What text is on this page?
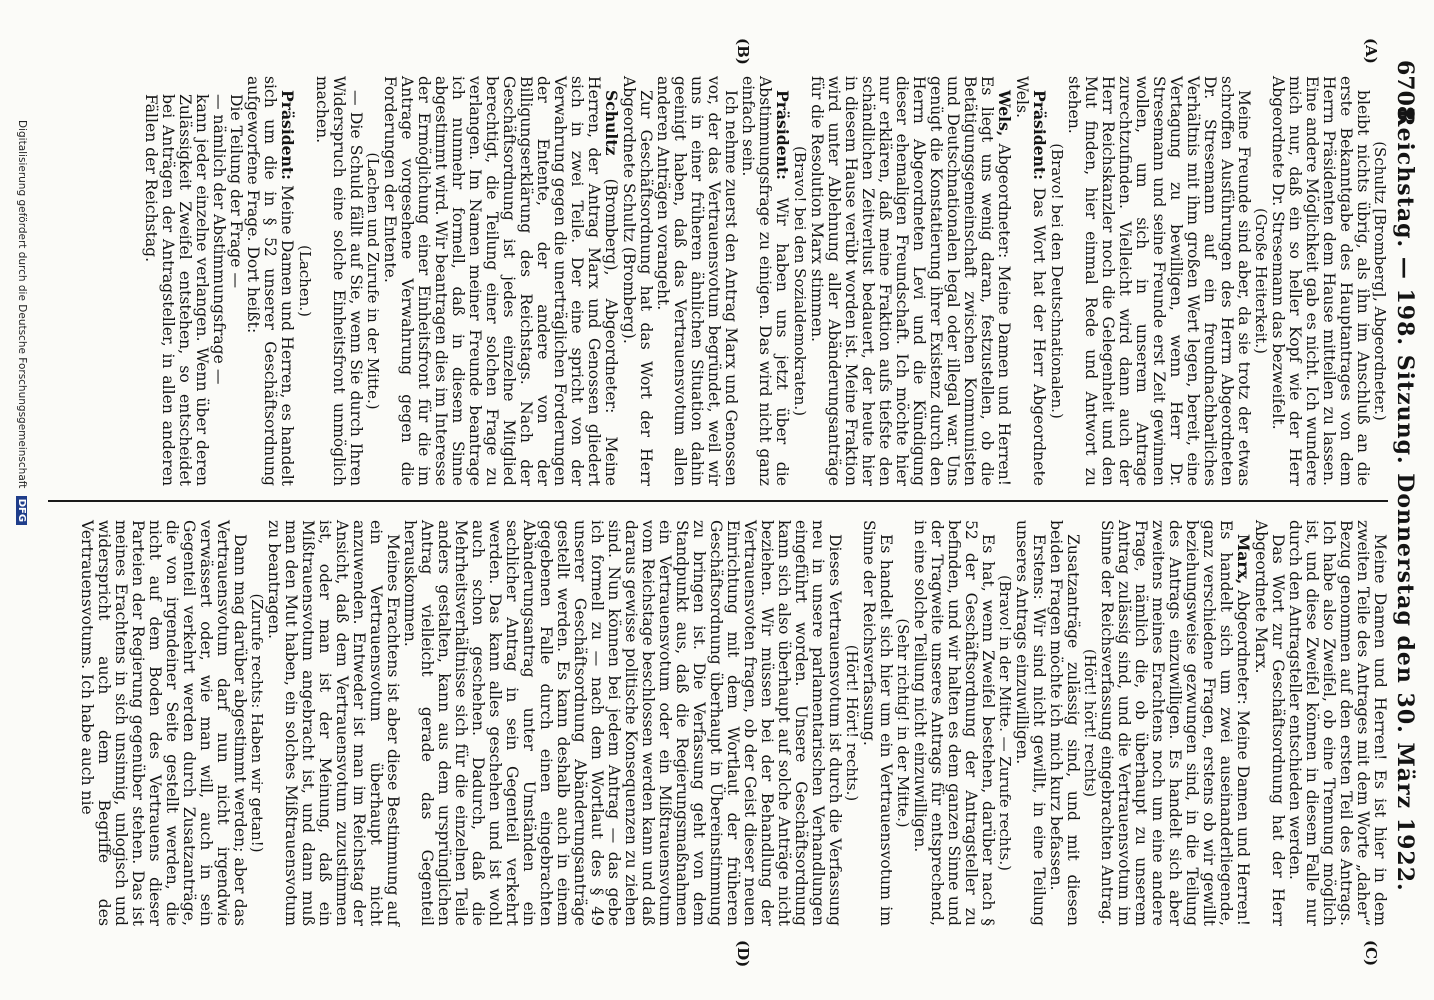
6708
Reichstag. — 198. Sitzung. Donnerstag den 30. März 1922.
(A)
(B)
(C)
(D)

(Schultz [Bromberg], Abgeordneter.)

bleibt nichts übrig, als ihn im Anschluß an die erste Bekanntgabe des Hauptantrages von dem Herrn Präsidenten dem Hause mitteilen zu lassen. Eine andere Möglichkeit gab es nicht. Ich wundere mich nur, daß ein so heller Kopf wie der Herr Abgeordnete Dr. Stresemann das bezweifelt.

(Große Heiterkeit.)

Meine Freunde sind aber, da sie trotz der etwas schroffen Ausführungen des Herrn Abgeordneten Dr. Stresemann auf ein freundnachbarliches Verhältnis mit ihm großen Wert legen, bereit, eine Vertagung zu bewilligen, wenn Herr Dr. Stresemann und seine Freunde erst Zeit gewinnen wollen, um sich in unserem Antrage zurechtzufinden. Vielleicht wird dann auch der Herr Reichskanzler noch die Gelegenheit und den Mut finden, hier einmal Rede und Antwort zu stehen.

(Bravo! bei den Deutschnationalen.)

Präsident: Das Wort hat der Herr Abgeordnete Wels.

Wels, Abgeordneter: Meine Damen und Herren! Es liegt uns wenig daran, festzustellen, ob die Betätigungsgemeinschaft zwischen Kommunisten und Deutschnationalen legal oder illegal war. Uns genügt die Konstatierung ihrer Existenz durch den Herrn Abgeordneten Levi und die Kündigung dieser ehemaligen Freundschaft. Ich möchte hier nur erklären, daß meine Fraktion aufs tiefste den schändlichen Zeitverlust bedauert, der heute hier in diesem Hause verübt worden ist. Meine Fraktion wird unter Ablehnung aller Abänderungsanträge für die Resolution Marx stimmen.

(Bravo! bei den Sozialdemokraten.)

Präsident: Wir haben uns jetzt über die Abstimmungsfrage zu einigen. Das wird nicht ganz einfach sein.

Ich nehme zuerst den Antrag Marx und Genossen vor, der das Vertrauensvotum begründet, weil wir uns in einer früheren ähnlichen Situation dahin geeinigt haben, daß das Vertrauensvotum allen anderen Anträgen vorangeht.

Zur Geschäftsordnung hat das Wort der Herr Abgeordnete Schultz (Bromberg).

Schultz (Bromberg), Abgeordneter: Meine Herren, der Antrag Marx und Genossen gliedert sich in zwei Teile. Der eine spricht von der Verwahrung gegen die unerträglichen Forderungen der Entente, der andere von der Billigungserklärung des Reichstags. Nach der Geschäftsordnung ist jedes einzelne Mitglied berechtigt, die Teilung einer solchen Frage zu verlangen. Im Namen meiner Freunde beantrage ich nunmehr formell, daß in diesem Sinne abgestimmt wird. Wir beantragen dies im Interesse der Ermöglichung einer Einheitsfront für die im Antrage vorgesehene Verwahrung gegen die Forderungen der Entente.

(Lachen und Zurufe in der Mitte.)

— Die Schuld fällt auf Sie, wenn Sie durch Ihren Widerspruch eine solche Einheitsfront unmöglich machen.

(Lachen.)

Präsident: Meine Damen und Herren, es handelt sich um die in § 52 unserer Geschäftsordnung aufgeworfene Frage. Dort heißt:

Die Teilung der Frage —

— nämlich der Abstimmungsfrage —

kann jeder einzelne verlangen. Wenn über deren Zulässigkeit Zweifel entstehen, so entscheidet bei Anträgen der Antragsteller, in allen anderen Fällen der Reichstag.

Meine Damen und Herren! Es ist hier in dem zweiten Teile des Antrages mit dem Worte „daher“ Bezug genommen auf den ersten Teil des Antrags. Ich habe also Zweifel, ob eine Trennung möglich ist, und diese Zweifel können in diesem Falle nur durch den Antragsteller entschieden werden.

Das Wort zur Geschäftsordnung hat der Herr Abgeordnete Marx.

Marx, Abgeordneter: Meine Damen und Herren! Es handelt sich um zwei auseinanderliegende, ganz verschiedene Fragen, erstens ob wir gewillt beziehungsweise gezwungen sind, in die Teilung des Antrags einzuwilligen. Es handelt sich aber zweitens meines Erachtens noch um eine andere Frage, nämlich die, ob überhaupt zu unserem Antrag zulässig sind, und die Vertrauensvotum im Sinne der Reichsverfassung eingebrachten Antrag.

(Hört! hört! rechts)

Zusatzanträge zulässig sind, und mit diesen beiden Fragen möchte ich mich kurz befassen.

Erstens: Wir sind nicht gewillt, in eine Teilung unseres Antrags einzuwilligen.

(Bravo! in der Mitte. — Zurufe rechts.)

Es hat, wenn Zweifel bestehen, darüber nach § 52 der Geschäftsordnung der Antragsteller zu befinden, und wir halten es dem ganzen Sinne und der Tragweite unseres Antrags für entsprechend, in eine solche Teilung nicht einzuwilligen.

(Sehr richtig! in der Mitte.)

Es handelt sich hier um ein Vertrauensvotum im Sinne der Reichsverfassung.

(Hört! Hört! rechts.)

Dieses Vertrauensvotum ist durch die Verfassung neu in unsere parlamentarischen Verhandlungen eingeführt worden. Unsere Geschäftsordnung kann sich also überhaupt auf solche Anträge nicht beziehen. Wir müssen bei der Behandlung der Vertrauensvoten fragen, ob der Geist dieser neuen Einrichtung mit dem Wortlaut der früheren Geschäftsordnung überhaupt in Übereinstimmung zu bringen ist. Die Verfassung geht von dem Standpunkt aus, daß die Regierungsmaßnahmen ein Vertrauensvotum oder ein Mißtrauensvotum vom Reichstage beschlossen werden kann und daß daraus gewisse politische Konsequenzen zu ziehen sind. Nun können bei jedem Antrag — das gebe ich formell zu — nach dem Wortlaut des § 49 unserer Geschäftsordnung Abänderungsanträge gestellt werden. Es kann deshalb auch in einem gegebenen Falle durch einen eingebrachten Abänderungsantrag unter Umständen ein sachlicher Antrag in sein Gegenteil verkehrt werden. Das kann alles geschehen und ist wohl auch schon geschehen. Dadurch, daß die Mehrheitsverhältnisse sich für die einzelnen Teile anders gestalten, kann aus dem ursprünglichen Antrag vielleicht gerade das Gegenteil herauskommen.

Meines Erachtens ist aber diese Bestimmung auf ein Vertrauensvotum überhaupt nicht anzuwenden. Entweder ist man im Reichstag der Ansicht, daß dem Vertrauensvotum zuzustimmen ist, oder man ist der Meinung, daß ein Mißtrauensvotum angebracht ist, und dann muß man den Mut haben, ein solches Mißtrauensvotum zu beantragen.

(Zurufe rechts: Haben wir getan!)

Dann mag darüber abgestimmt werden; aber das Vertrauensvotum darf nun nicht irgendwie verwässert oder, wie man will, auch in sein Gegenteil verkehrt werden durch Zusatzanträge, die von irgendeiner Seite gestellt werden, die nicht auf dem Boden des Vertrauens dieser Parteien der Regierung gegenüber stehen. Das ist meines Erachtens in sich unsinnig, unlogisch und widerspricht auch dem Begriffe des Vertrauensvotums. Ich habe auch nie

Digitalisierung gefördert durch die Deutsche Forschungsgemeinschaft DFG
